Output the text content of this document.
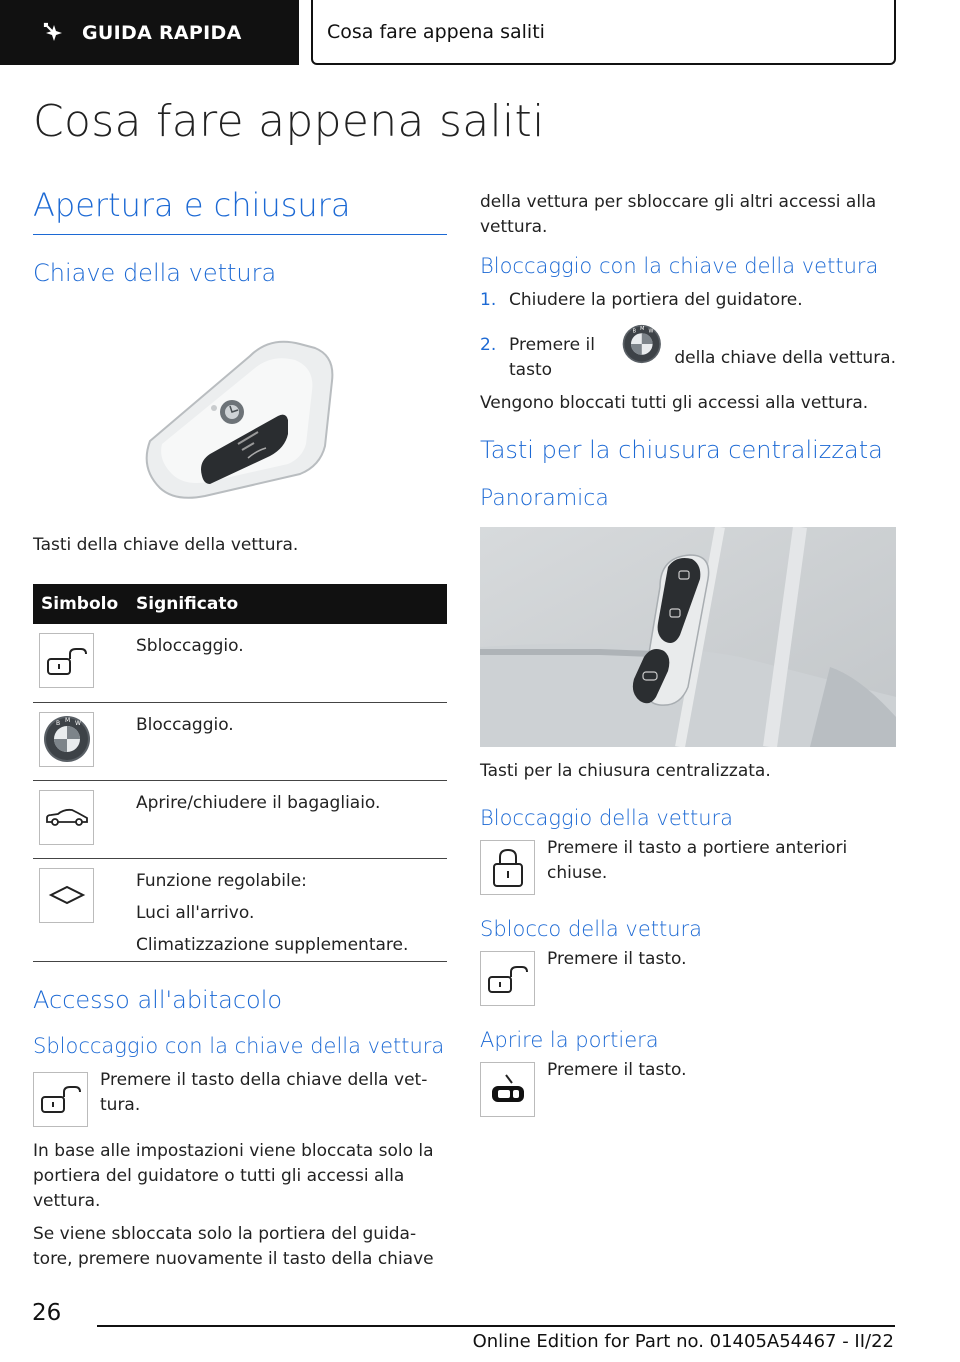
GUIDA RAPIDA	Cosa fare appena saliti
Cosa fare appena saliti
Apertura e chiusura
Chiave della vettura

Tasti della chiave della vettura.

Simbolo	Significato

	Sbloccaggio.

B M W	Bloccaggio.

	Aprire/chiudere il bagagliaio.

Funzione regolabile:
Luci all'arrivo.
Climatizzazione supplementare.
Accesso all'abitacolo
Sbloccaggio con la chiave della vettura

Premere il tasto della chiave della vet-tura.

In base alle impostazioni viene bloccata solo la portiera del guidatore o tutti gli accessi alla vettura.

Se viene sbloccata solo la portiera del guida-tore, premere nuovamente il tasto della chiave

della vettura per sbloccare gli altri accessi alla vettura.

Bloccaggio con la chiave della vettura
1. Chiudere la portiera del guidatore.
2. Premere il tasto
B M W
della chiave della vettura.

Vengono bloccati tutti gli accessi alla vettura.

Tasti per la chiusura centralizzata
Panoramica

Tasti per la chiusura centralizzata.

Bloccaggio della vettura

Premere il tasto a portiere anteriori chiuse.

Sblocco della vettura

Premere il tasto.

Aprire la portiera

Premere il tasto.

26
Online Edition for Part no. 01405A54467 - II/22
